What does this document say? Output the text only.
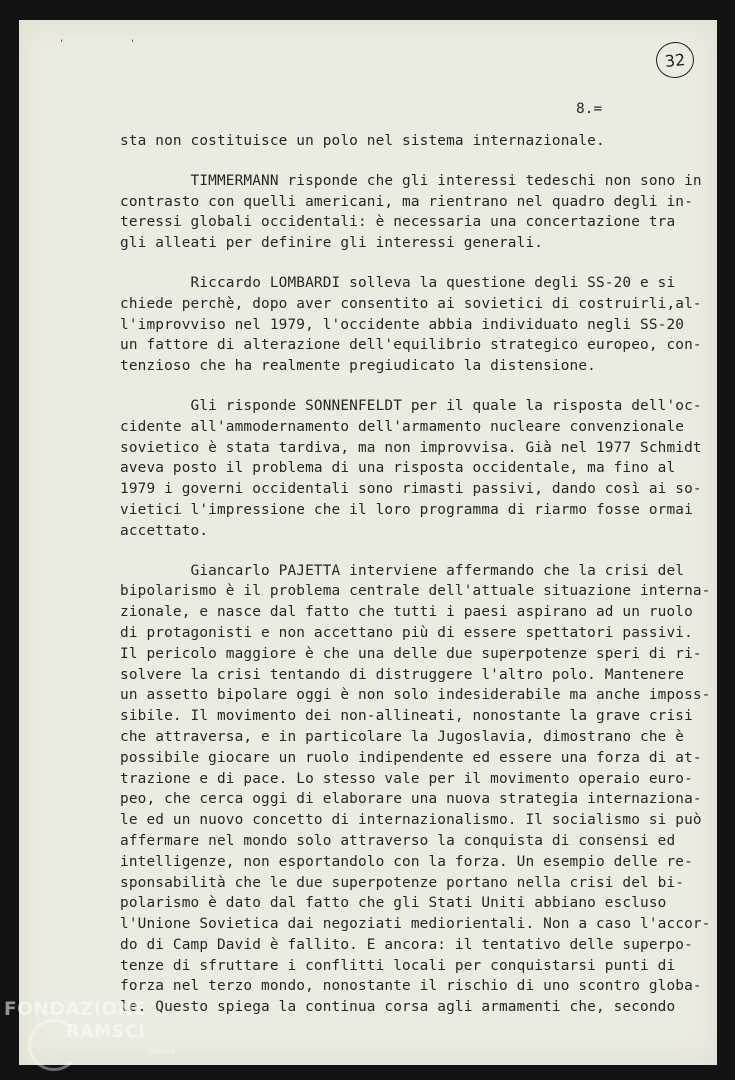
' '
32
8.=
sta non costituisce un polo nel sistema internazionale.
TIMMERMANN risponde che gli interessi tedeschi non sono in
contrasto con quelli americani, ma rientrano nel quadro degli in-
teressi globali occidentali: è necessaria una concertazione tra
gli alleati per definire gli interessi generali.
Riccardo LOMBARDI solleva la questione degli SS-20 e si
chiede perchè, dopo aver consentito ai sovietici di costruirli,al-
l'improvviso nel 1979, l'occidente abbia individuato negli SS-20
un fattore di alterazione dell'equilibrio strategico europeo, con-
tenzioso che ha realmente pregiudicato la distensione.
Gli risponde SONNENFELDT per il quale la risposta dell'oc-
cidente all'ammodernamento dell'armamento nucleare convenzionale
sovietico è stata tardiva, ma non improvvisa. Già nel 1977 Schmidt
aveva posto il problema di una risposta occidentale, ma fino al
1979 i governi occidentali sono rimasti passivi, dando così ai so-
vietici l'impressione che il loro programma di riarmo fosse ormai
accettato.
Giancarlo PAJETTA interviene affermando che la crisi del
bipolarismo è il problema centrale dell'attuale situazione interna-
zionale, e nasce dal fatto che tutti i paesi aspirano ad un ruolo
di protagonisti e non accettano più di essere spettatori passivi.
Il pericolo maggiore è che una delle due superpotenze speri di ri-
solvere la crisi tentando di distruggere l'altro polo. Mantenere
un assetto bipolare oggi è non solo indesiderabile ma anche imposs-
sibile. Il movimento dei non-allineati, nonostante la grave crisi
che attraversa, e in particolare la Jugoslavia, dimostrano che è
possibile giocare un ruolo indipendente ed essere una forza di at-
trazione e di pace. Lo stesso vale per il movimento operaio euro-
peo, che cerca oggi di elaborare una nuova strategia internaziona-
le ed un nuovo concetto di internazionalismo. Il socialismo si può
affermare nel mondo solo attraverso la conquista di consensi ed
intelligenze, non esportandolo con la forza. Un esempio delle re-
sponsabilità che le due superpotenze portano nella crisi del bi-
polarismo è dato dal fatto che gli Stati Uniti abbiano escluso
l'Unione Sovietica dai negoziati mediorientali. Non a caso l'accor-
do di Camp David è fallito. E ancora: il tentativo delle superpo-
tenze di sfruttare i conflitti locali per conquistarsi punti di
forza nel terzo mondo, nonostante il rischio di uno scontro globa-
le. Questo spiega la continua corsa agli armamenti che, secondo
FONDAZIONE
RAMSCI
onlus
